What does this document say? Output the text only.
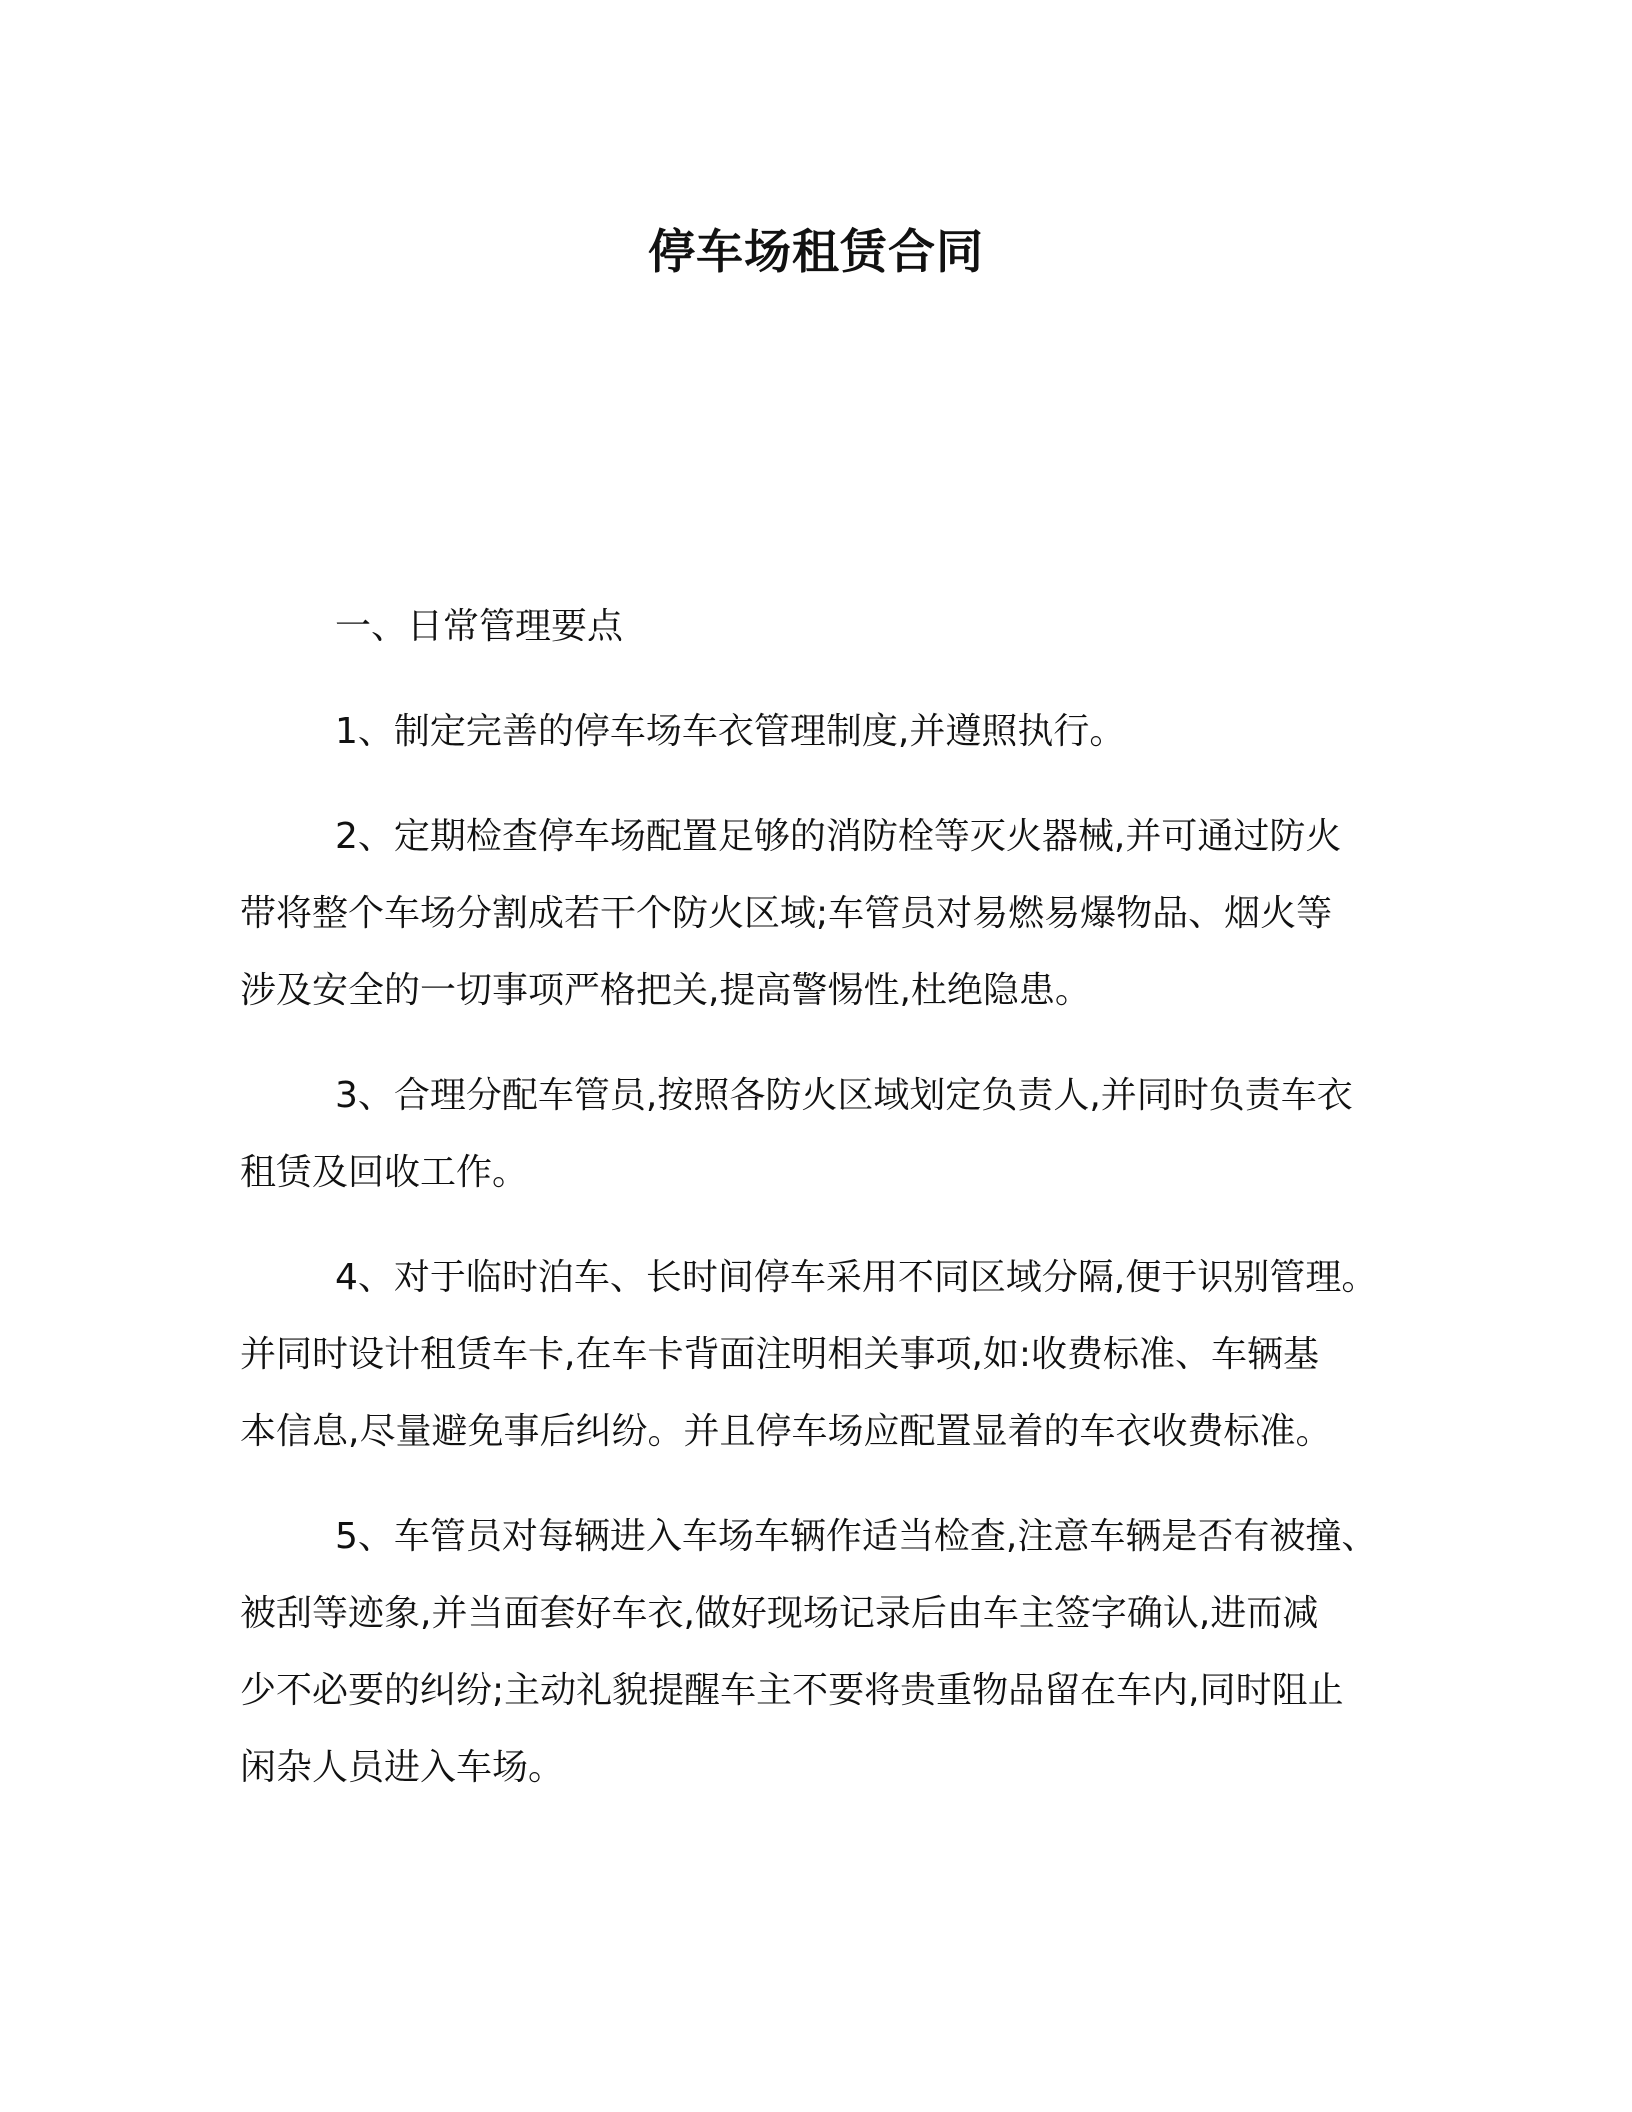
停车场租赁合同
一、日常管理要点
1、制定完善的停车场车衣管理制度,并遵照执行。
2、定期检查停车场配置足够的消防栓等灭火器械,并可通过防火
带将整个车场分割成若干个防火区域;车管员对易燃易爆物品、烟火等
涉及安全的一切事项严格把关,提高警惕性,杜绝隐患。
3、合理分配车管员,按照各防火区域划定负责人,并同时负责车衣
租赁及回收工作。
4、对于临时泊车、长时间停车采用不同区域分隔,便于识别管理。
并同时设计租赁车卡,在车卡背面注明相关事项,如:收费标准、车辆基
本信息,尽量避免事后纠纷。并且停车场应配置显着的车衣收费标准。
5、车管员对每辆进入车场车辆作适当检查,注意车辆是否有被撞、
被刮等迹象,并当面套好车衣,做好现场记录后由车主签字确认,进而减
少不必要的纠纷;主动礼貌提醒车主不要将贵重物品留在车内,同时阻止
闲杂人员进入车场。
